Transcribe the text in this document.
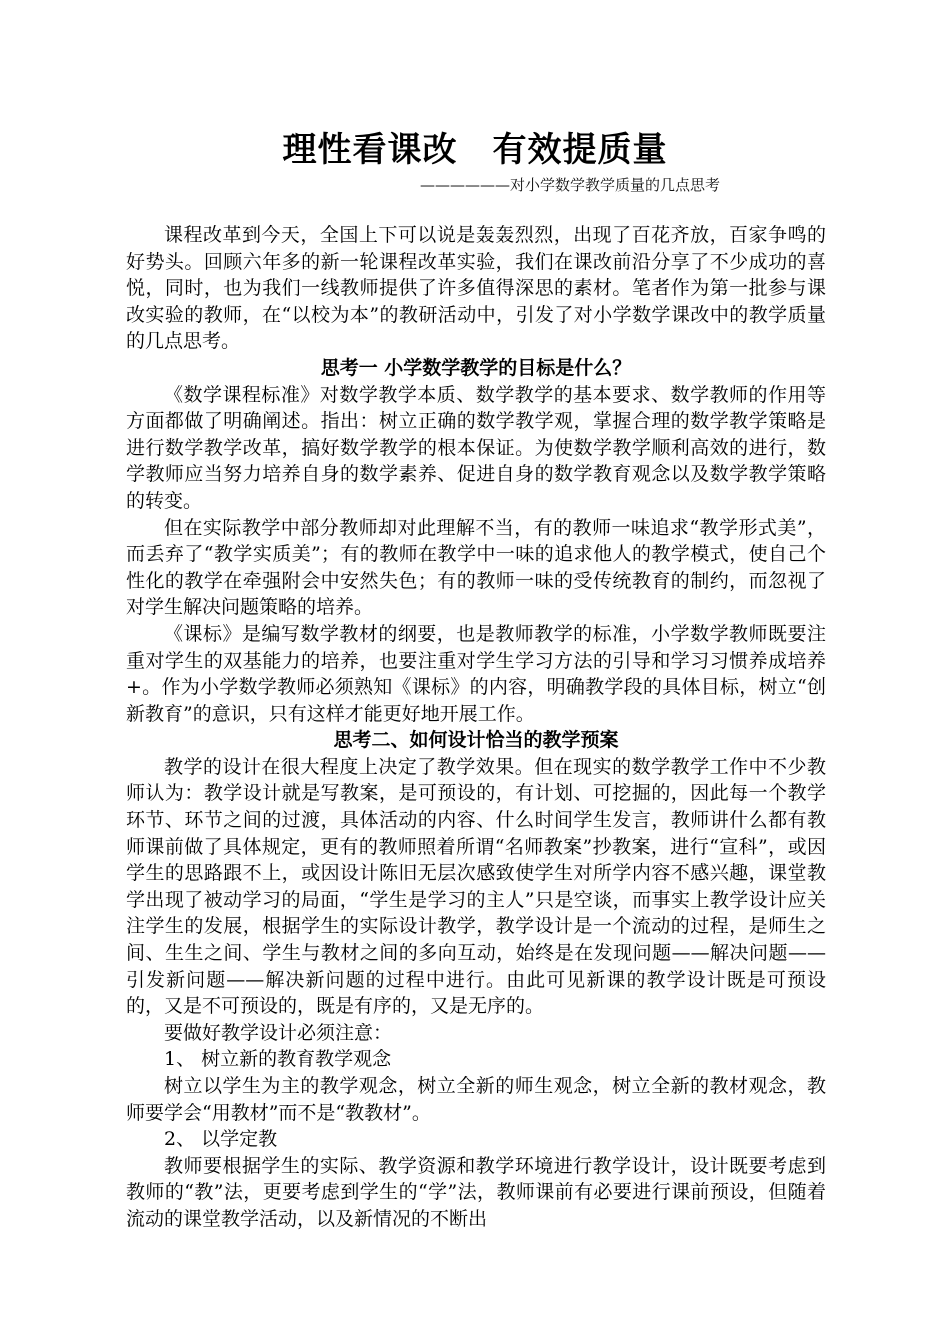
理性看课改　有效提质量

——————对小学数学教学质量的几点思考

课程改革到今天，全国上下可以说是轰轰烈烈，出现了百花齐放，百家争鸣的好势头。回顾六年多的新一轮课程改革实验，我们在课改前沿分享了不少成功的喜悦，同时，也为我们一线教师提供了许多值得深思的素材。笔者作为第一批参与课改实验的教师，在“以校为本”的教研活动中，引发了对小学数学课改中的教学质量的几点思考。

思考一 小学数学教学的目标是什么？

《数学课程标准》对数学教学本质、数学教学的基本要求、数学教师的作用等方面都做了明确阐述。指出：树立正确的数学教学观，掌握合理的数学教学策略是进行数学教学改革，搞好数学教学的根本保证。为使数学教学顺利高效的进行，数学教师应当努力培养自身的数学素养、促进自身的数学教育观念以及数学教学策略的转变。

但在实际教学中部分教师却对此理解不当，有的教师一味追求“教学形式美”，而丢弃了“教学实质美”；有的教师在教学中一味的追求他人的教学模式，使自己个性化的教学在牵强附会中安然失色；有的教师一味的受传统教育的制约，而忽视了对学生解决问题策略的培养。

《课标》是编写数学教材的纲要，也是教师教学的标准，小学数学教师既要注重对学生的双基能力的培养，也要注重对学生学习方法的引导和学习习惯养成培养+。作为小学数学教师必须熟知《课标》的内容，明确教学段的具体目标，树立“创新教育”的意识，只有这样才能更好地开展工作。

思考二、如何设计恰当的教学预案

教学的设计在很大程度上决定了教学效果。但在现实的数学教学工作中不少教师认为：教学设计就是写教案，是可预设的，有计划、可挖掘的，因此每一个教学环节、环节之间的过渡，具体活动的内容、什么时间学生发言，教师讲什么都有教师课前做了具体规定，更有的教师照着所谓“名师教案”抄教案，进行“宣科”，或因学生的思路跟不上，或因设计陈旧无层次感致使学生对所学内容不感兴趣，课堂教学出现了被动学习的局面，“学生是学习的主人”只是空谈，而事实上教学设计应关注学生的发展，根据学生的实际设计教学，教学设计是一个流动的过程，是师生之间、生生之间、学生与教材之间的多向互动，始终是在发现问题——解决问题——引发新问题——解决新问题的过程中进行。由此可见新课的教学设计既是可预设的，又是不可预设的，既是有序的，又是无序的。

要做好教学设计必须注意：

1、 树立新的教育教学观念

树立以学生为主的教学观念，树立全新的师生观念，树立全新的教材观念，教师要学会“用教材”而不是“教教材”。

2、 以学定教

教师要根据学生的实际、教学资源和教学环境进行教学设计，设计既要考虑到教师的“教”法，更要考虑到学生的“学”法，教师课前有必要进行课前预设，但随着流动的课堂教学活动，以及新情况的不断出
